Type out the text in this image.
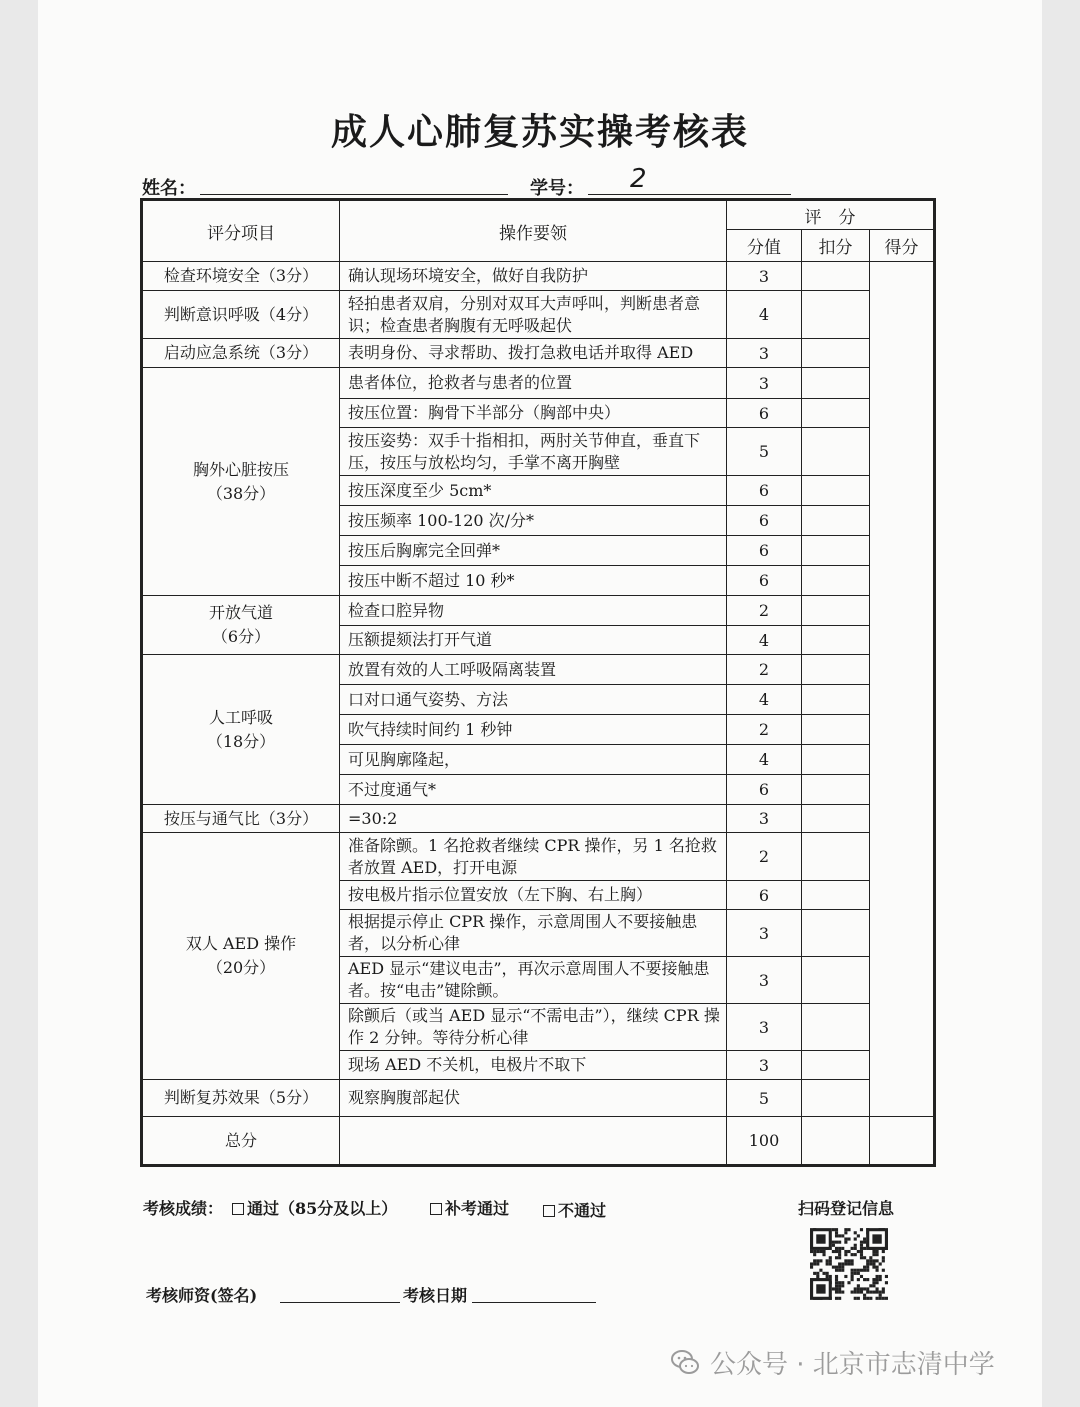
成人心肺复苏实操考核表
姓名：	学号： 2
评分项目	操作要领	评　分		
		分值	扣分	得分
检查环境安全（3分）	确认现场环境安全，做好自我防护	3		
判断意识呼吸（4分）	轻拍患者双肩，分别对双耳大声呼叫，判断患者意识；检查患者胸腹有无呼吸起伏	4		
启动应急系统（3分）	表明身份、寻求帮助、拨打急救电话并取得 AED	3		
胸外心脏按压
（38分）	患者体位，抢救者与患者的位置	3		
	按压位置：胸骨下半部分（胸部中央）	6		
	按压姿势：双手十指相扣，两肘关节伸直，垂直下压，按压与放松均匀，手掌不离开胸壁	5		
	按压深度至少 5cm*	6		
	按压频率 100-120 次/分*	6		
	按压后胸廓完全回弹*	6		
	按压中断不超过 10 秒*	6		
开放气道
（6分）	检查口腔异物	2		
	压额提颏法打开气道	4		
人工呼吸
（18分）	放置有效的人工呼吸隔离装置	2		
	口对口通气姿势、方法	4		
	吹气持续时间约 1 秒钟	2		
	可见胸廓隆起，	4		
	不过度通气*	6		
按压与通气比（3分）	=30:2	3		
双人 AED 操作
（20分）	准备除颤。1 名抢救者继续 CPR 操作，另 1 名抢救者放置 AED，打开电源	2		
	按电极片指示位置安放（左下胸、右上胸）	6		
	根据提示停止 CPR 操作，示意周围人不要接触患者，以分析心律	3		
	AED 显示“建议电击”，再次示意周围人不要接触患者。按“电击”键除颤。	3		
	除颤后（或当 AED 显示“不需电击”），继续 CPR 操作 2 分钟。等待分析心律	3		
	现场 AED 不关机，电极片不取下	3		
判断复苏效果（5分）	观察胸腹部起伏	5		
总分		100		
考核成绩：	通过（85分及以上）	补考通过	不通过	扫码登记信息
考核师资(签名)	考核日期
公众号 · 北京市志清中学
